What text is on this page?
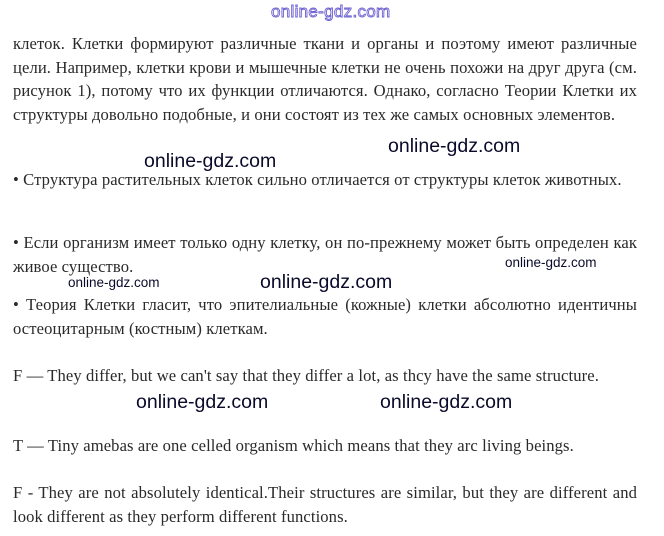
online-gdz.com

клеток. Клетки формируют различные ткани и органы и поэтому имеют различные цели. Например, клетки крови и мышечные клетки не очень похожи на друг друга (см. рисунок 1), потому что их функции отличаются. Однако, согласно Теории Клетки их структуры довольно подобные, и они состоят из тех же самых основных элементов.

• Структура растительных клеток сильно отличается от структуры клеток животных.

• Если организм имеет только одну клетку, он по-прежнему может быть определен как живое существо.

• Теория Клетки гласит, что эпителиальные (кожные) клетки абсолютно идентичны остеоцитарным (костным) клеткам.

F — They differ, but we can't say that they differ a lot, as thcy have the same structure.

T — Tiny amebas are one celled organism which means that they arc living beings.

F - They are not absolutely identical.Their structures are similar, but they are different and look different as they perform different functions.

online-gdz.com
online-gdz.com
online-gdz.com
online-gdz.com
online-gdz.com
online-gdz.com	online-gdz.com
